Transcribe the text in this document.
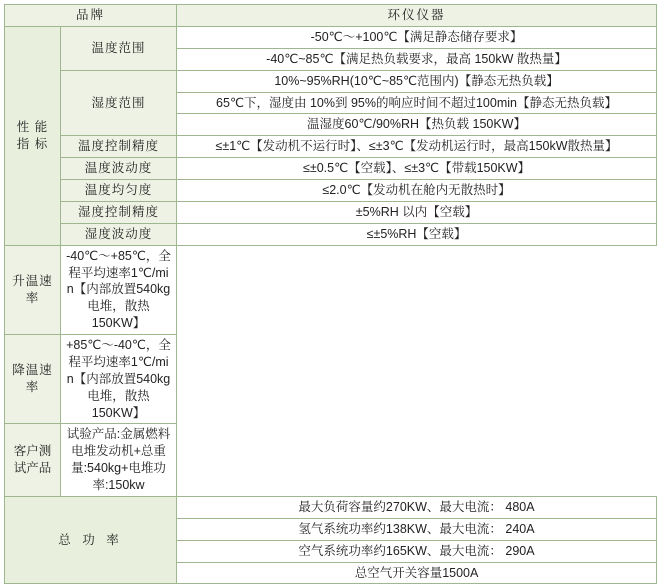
品牌		环仪仪器
性 能 指 标	温度范围	-50℃～+100℃【满足静态储存要求】
		-40℃~85℃【满足热负载要求，最高 150kW 散热量】
	湿度范围	10%~95%RH(10℃~85℃范围内)【静态无热负载】
		65℃下，湿度由 10%到 95%的响应时间不超过100min【静态无热负载】
		温湿度60℃/90%RH【热负载 150KW】
	温度控制精度	≤±1℃【发动机不运行时】、≤±3℃【发动机运行时，最高150kW散热量】
	温度波动度	≤±0.5℃【空载】、≤±3℃【带载150KW】
	温度均匀度	≤2.0℃【发动机在舱内无散热时】
	湿度控制精度	±5%RH 以内【空载】
	湿度波动度	≤±5%RH【空载】
升温速率	-40℃～+85℃，全程平均速率1℃/min【内部放置540kg电堆，散热
150KW】	

降温速率	+85℃～-40℃，全程平均速率1℃/min【内部放置540kg电堆，散热
150KW】	

客户测试产品	试验产品:金属燃料电堆发动机+总重量:540kg+电堆功率:150kw	
总 功 率		最大负荷容量约270KW、最大电流： 480A
		氢气系统功率约138KW、最大电流： 240A
		空气系统功率约165KW、最大电流： 290A
		总空气开关容量1500A
